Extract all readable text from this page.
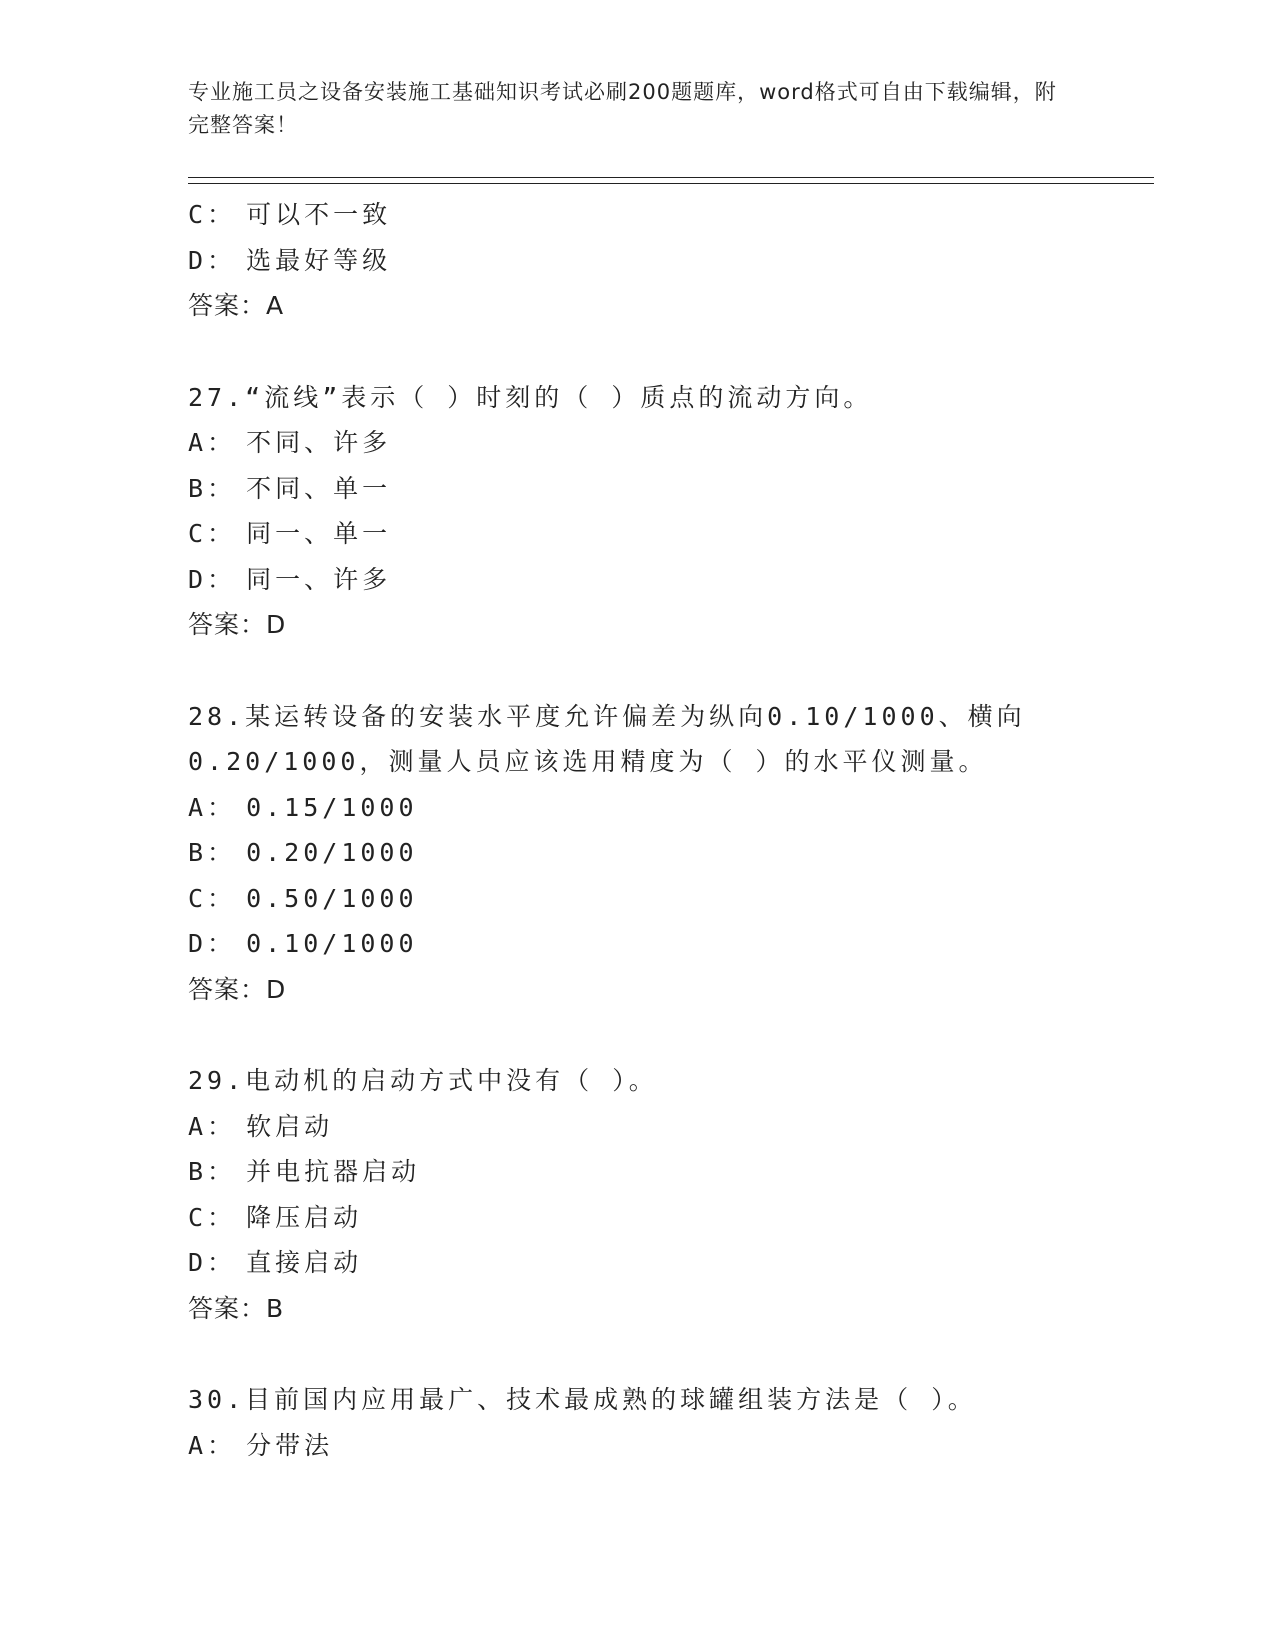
专业施工员之设备安装施工基础知识考试必刷200题题库，word格式可自由下载编辑，附完整答案！
C： 可以不一致
D： 选最好等级
答案：A
27.“流线”表示（ ）时刻的（ ）质点的流动方向。
A： 不同、许多
B： 不同、单一
C： 同一、单一
D： 同一、许多
答案：D
28.某运转设备的安装水平度允许偏差为纵向0.10/1000、横向
0.20/1000，测量人员应该选用精度为（ ）的水平仪测量。
A： 0.15/1000
B： 0.20/1000
C： 0.50/1000
D： 0.10/1000
答案：D
29.电动机的启动方式中没有（ ）。
A： 软启动
B： 并电抗器启动
C： 降压启动
D： 直接启动
答案：B
30.目前国内应用最广、技术最成熟的球罐组装方法是（ ）。
A： 分带法
